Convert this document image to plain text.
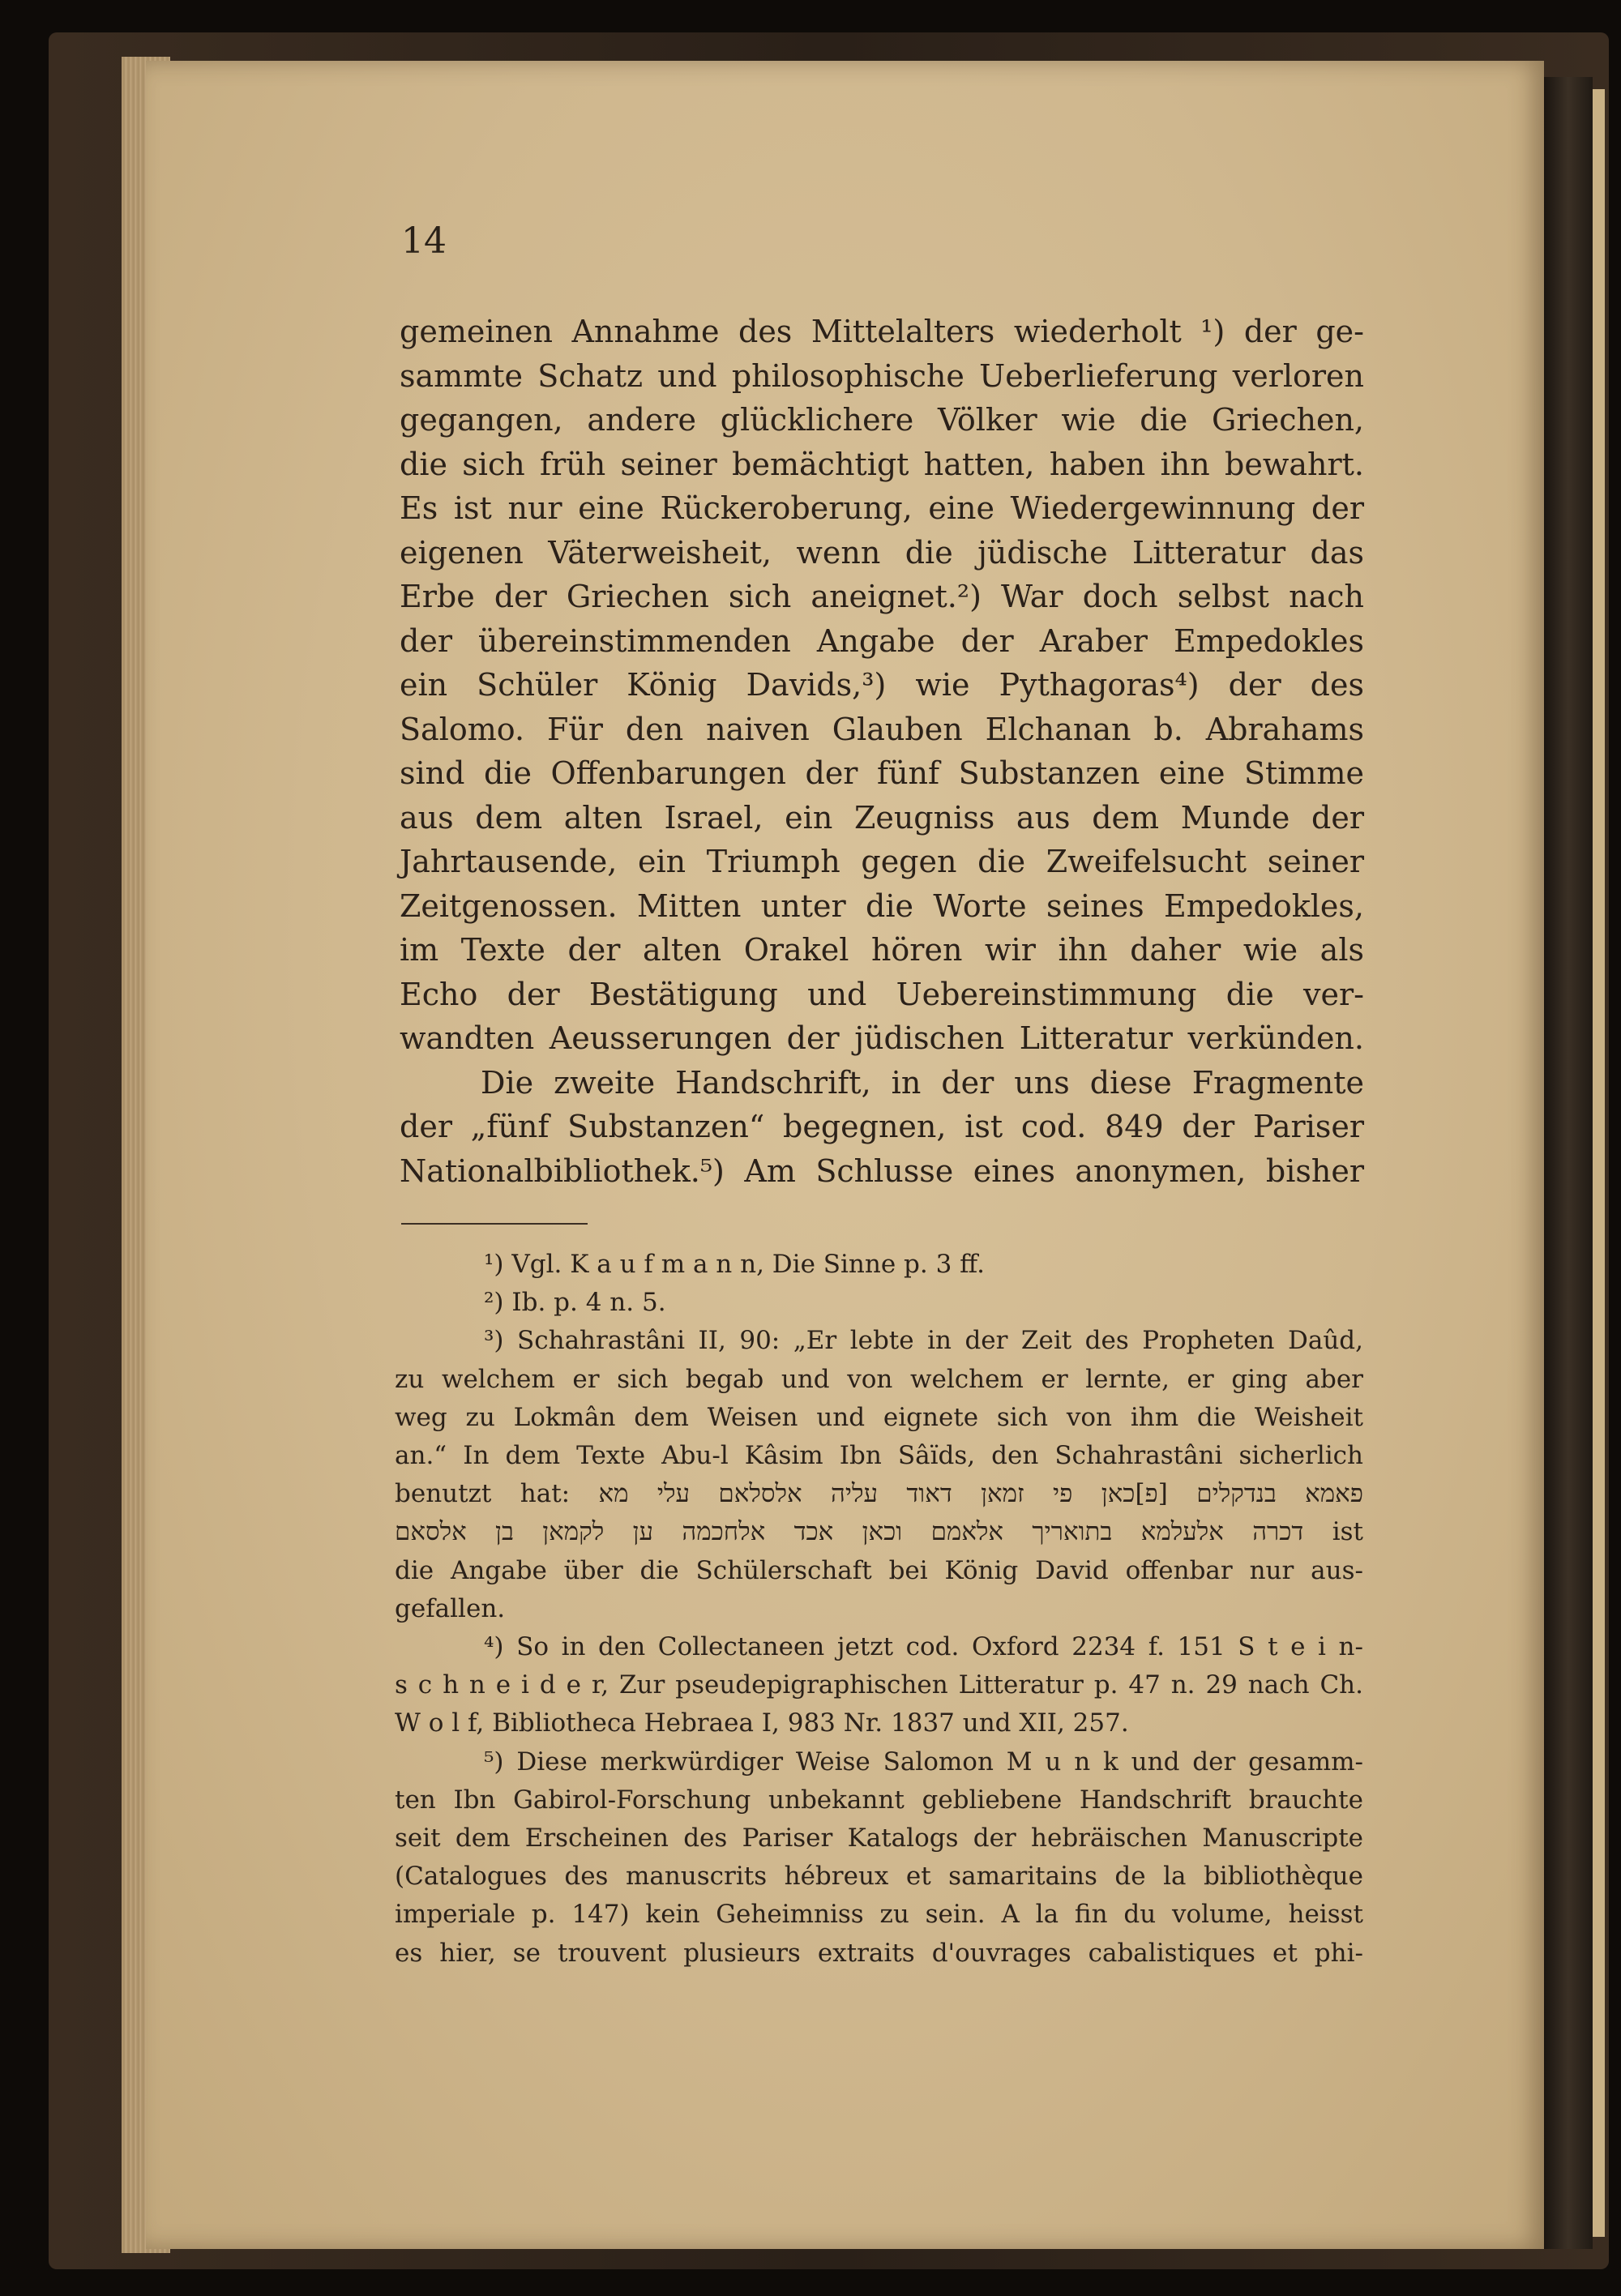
14
gemeinen Annahme des Mittelalters wiederholt ¹) der ge-
sammte Schatz und philosophische Ueberlieferung verloren
gegangen, andere glücklichere Völker wie die Griechen,
die sich früh seiner bemächtigt hatten, haben ihn bewahrt.
Es ist nur eine Rückeroberung, eine Wiedergewinnung der
eigenen Väterweisheit, wenn die jüdische Litteratur das
Erbe der Griechen sich aneignet.²) War doch selbst nach
der übereinstimmenden Angabe der Araber Empedokles
ein Schüler König Davids,³) wie Pythagoras⁴) der des
Salomo. Für den naiven Glauben Elchanan b. Abrahams
sind die Offenbarungen der fünf Substanzen eine Stimme
aus dem alten Israel, ein Zeugniss aus dem Munde der
Jahrtausende, ein Triumph gegen die Zweifelsucht seiner
Zeitgenossen. Mitten unter die Worte seines Empedokles,
im Texte der alten Orakel hören wir ihn daher wie als
Echo der Bestätigung und Uebereinstimmung die ver-
wandten Aeusserungen der jüdischen Litteratur verkünden.
Die zweite Handschrift, in der uns diese Fragmente
der „fünf Substanzen“ begegnen, ist cod. 849 der Pariser
Nationalbibliothek.⁵) Am Schlusse eines anonymen, bisher
¹) Vgl. K a u f m a n n, Die Sinne p. 3 ff.
²) Ib. p. 4 n. 5.
³) Schahrastâni II, 90: „Er lebte in der Zeit des Propheten Daûd,
zu welchem er sich begab und von welchem er lernte, er ging aber
weg zu Lokmân dem Weisen und eignete sich von ihm die Weisheit
an.“ In dem Texte Abu-l Kâsim Ibn Sâïds, den Schahrastâni sicherlich
benutzt hat: פאמא בנדקלים [פ]כאן פי זמאן דאוד עליה אלסלאם עלי מא
דכרה אלעלמא בתואריך אלאמם וכאן אכד אלחכמה ען לקמאן בן אלסאם ist
die Angabe über die Schülerschaft bei König David offenbar nur aus-
gefallen.
⁴) So in den Collectaneen jetzt cod. Oxford 2234 f. 151 S t e i n-
s c h n e i d e r, Zur pseudepigraphischen Litteratur p. 47 n. 29 nach Ch.
W o l f, Bibliotheca Hebraea I, 983 Nr. 1837 und XII, 257.
⁵) Diese merkwürdiger Weise Salomon M u n k und der gesamm-
ten Ibn Gabirol-Forschung unbekannt gebliebene Handschrift brauchte
seit dem Erscheinen des Pariser Katalogs der hebräischen Manuscripte
(Catalogues des manuscrits hébreux et samaritains de la bibliothèque
imperiale p. 147) kein Geheimniss zu sein. A la fin du volume, heisst
es hier, se trouvent plusieurs extraits d'ouvrages cabalistiques et phi-
